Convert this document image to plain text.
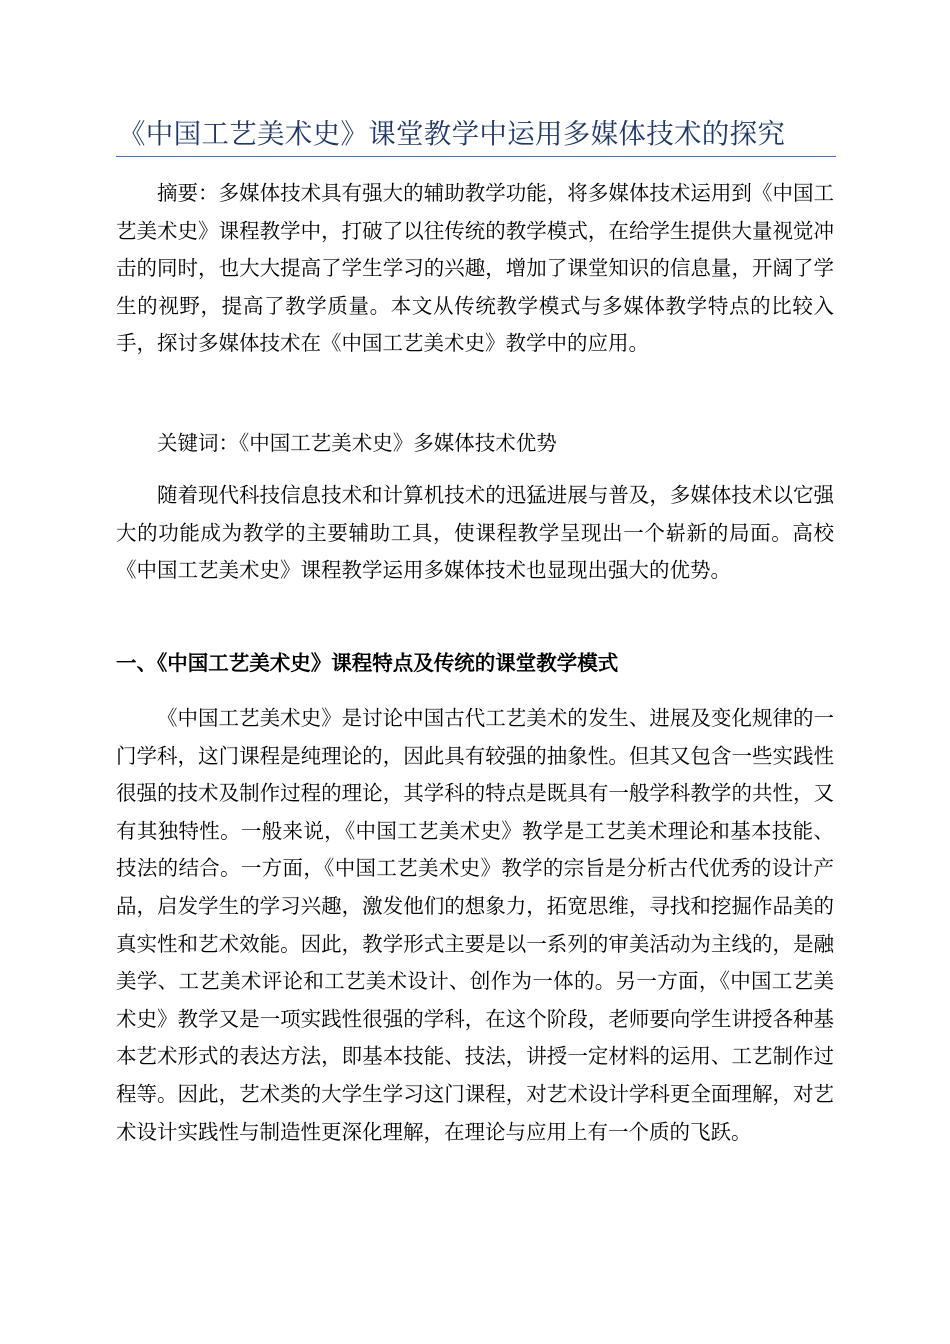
《中国工艺美术史》课堂教学中运用多媒体技术的探究

摘要：多媒体技术具有强大的辅助教学功能，将多媒体技术运用到《中国工艺美术史》课程教学中，打破了以往传统的教学模式，在给学生提供大量视觉冲击的同时，也大大提高了学生学习的兴趣，增加了课堂知识的信息量，开阔了学生的视野，提高了教学质量。本文从传统教学模式与多媒体教学特点的比较入手，探讨多媒体技术在《中国工艺美术史》教学中的应用。

关键词：《中国工艺美术史》多媒体技术优势

随着现代科技信息技术和计算机技术的迅猛进展与普及，多媒体技术以它强大的功能成为教学的主要辅助工具，使课程教学呈现出一个崭新的局面。高校《中国工艺美术史》课程教学运用多媒体技术也显现出强大的优势。

一、《中国工艺美术史》课程特点及传统的课堂教学模式

《中国工艺美术史》是讨论中国古代工艺美术的发生、进展及变化规律的一门学科，这门课程是纯理论的，因此具有较强的抽象性。但其又包含一些实践性很强的技术及制作过程的理论，其学科的特点是既具有一般学科教学的共性，又有其独特性。一般来说，《中国工艺美术史》教学是工艺美术理论和基本技能、技法的结合。一方面，《中国工艺美术史》教学的宗旨是分析古代优秀的设计产品，启发学生的学习兴趣，激发他们的想象力，拓宽思维，寻找和挖掘作品美的真实性和艺术效能。因此，教学形式主要是以一系列的审美活动为主线的，是融美学、工艺美术评论和工艺美术设计、创作为一体的。另一方面，《中国工艺美术史》教学又是一项实践性很强的学科，在这个阶段，老师要向学生讲授各种基本艺术形式的表达方法，即基本技能、技法，讲授一定材料的运用、工艺制作过程等。因此，艺术类的大学生学习这门课程，对艺术设计学科更全面理解，对艺术设计实践性与制造性更深化理解，在理论与应用上有一个质的飞跃。
